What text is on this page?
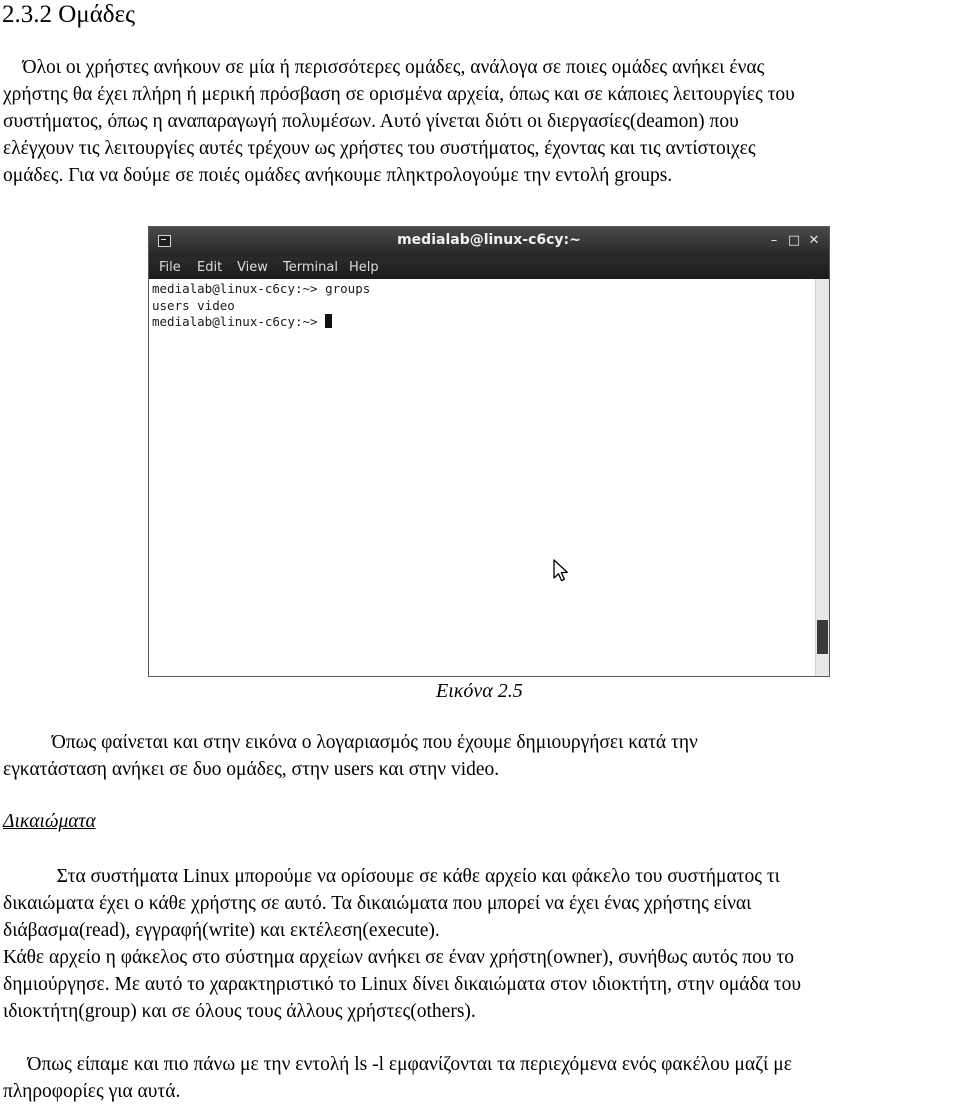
2.3.2 Ομάδες
Όλοι οι χρήστες ανήκουν σε μία ή περισσότερες ομάδες, ανάλογα σε ποιες ομάδες ανήκει ένας
χρήστης θα έχει πλήρη ή μερική πρόσβαση σε ορισμένα αρχεία, όπως και σε κάποιες λειτουργίες του
συστήματος, όπως η αναπαραγωγή πολυμέσων. Αυτό γίνεται διότι οι διεργασίες(deamon) που
ελέγχουν τις λειτουργίες αυτές τρέχουν ως χρήστες του συστήματος, έχοντας και τις αντίστοιχες
ομάδες. Για να δούμε σε ποιές ομάδες ανήκουμε πληκτρολογούμε την εντολή groups.
medialab@linux-c6cy:~	– □ ✕
File Edit View Terminal Help
medialab@linux-c6cy:~> groups
users video
medialab@linux-c6cy:~>
Εικόνα 2.5
Όπως φαίνεται και στην εικόνα ο λογαριασμός που έχουμε δημιουργήσει κατά την
εγκατάσταση ανήκει σε δυο ομάδες, στην users και στην video.
Δικαιώματα
Στα συστήματα Linux μπορούμε να ορίσουμε σε κάθε αρχείο και φάκελο του συστήματος τι
δικαιώματα έχει ο κάθε χρήστης σε αυτό. Τα δικαιώματα που μπορεί να έχει ένας χρήστης είναι
διάβασμα(read), εγγραφή(write) και εκτέλεση(execute).
Κάθε αρχείο η φάκελος στο σύστημα αρχείων ανήκει σε έναν χρήστη(owner), συνήθως αυτός που το
δημιούργησε. Με αυτό το χαρακτηριστικό το Linux δίνει δικαιώματα στον ιδιοκτήτη, στην ομάδα του
ιδιοκτήτη(group) και σε όλους τους άλλους χρήστες(others).
Όπως είπαμε και πιο πάνω με την εντολή ls -l εμφανίζονται τα περιεχόμενα ενός φακέλου μαζί με
πληροφορίες για αυτά.
